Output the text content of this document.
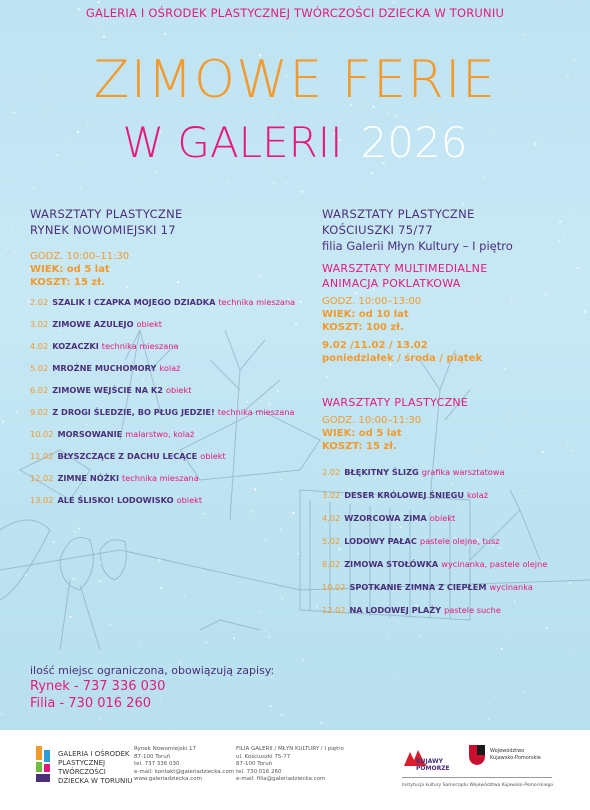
GALERIA I OŚRODEK PLASTYCZNEJ TWÓRCZOŚCI DZIECKA W TORUNIU
ZIMOWE FERIE
W GALERII 2026
WARSZTATY PLASTYCZNE
RYNEK NOWOMIEJSKI 17
GODZ. 10:00–11:30
WIEK: od 5 lat
KOSZT: 15 zł.
2.02 SZALIK I CZAPKA MOJEGO DZIADKA technika mieszana
3.02 ZIMOWE AZULEJO obiekt
4.02 KOZACZKI technika mieszana
5.02 MROŹNE MUCHOMORY kolaż
6.02 ZIMOWE WEJŚCIE NA K2 obiekt
9.02 Z DROGI ŚLEDZIE, BO PŁUG JEDZIE! technika mieszana
10.02 MORSOWANIE malarstwo, kolaż
11.02 BŁYSZCZĄCE Z DACHU LECĄCE obiekt
12.02 ZIMNE NÓŻKI technika mieszana
13.02 ALE ŚLISKO! LODOWISKO obiekt
WARSZTATY PLASTYCZNE
KOŚCIUSZKI 75/77
filia Galerii Młyn Kultury – I piętro
WARSZTATY MULTIMEDIALNE
ANIMACJA POKLATKOWA
GODZ. 10:00–13:00
WIEK: od 10 lat
KOSZT: 100 zł.
9.02 /11.02 / 13.02
poniedziałek / środa / piątek
WARSZTATY PLASTYCZNE
GODZ. 10:00–11:30
WIEK: od 5 lat
KOSZT: 15 zł.
2.02 BŁĘKITNY ŚLIZG grafika warsztatowa
3.02 DESER KRÓLOWEJ ŚNIEGU kolaż
4.02 WZORCOWA ZIMA obiekt
5.02 LODOWY PAŁAC pastele olejne, tusz
6.02 ZIMOWA STOŁÓWKA wycinanka, pastele olejne
10.02 SPOTKANIE ZIMNA Z CIEPŁEM wycinanka
12.02 NA LODOWEJ PLAŻY pastele suche
ilość miejsc ograniczona, obowiązują zapisy:
Rynek - 737 336 030
Filia - 730 016 260
GALERIA I OŚRODEK
PLASTYCZNEJ
TWÓRCZOŚCI
DZIECKA W TORUNIU
Rynek Nowomiejski 17
87-100 Toruń
tel. 737 336 030
e-mail: kontakt@galeriadziecka.com
www.galeriadziecka.com
FILIA GALERII / MŁYN KULTURY / I piętro
ul. Kościuszki 75-77
87-100 Toruń
tel. 730 016 260
e-mail: filia@galeriadziecka.com
KUJAWY
POMORZE
Województwo
Kujawsko-Pomorskie
Instytucja kultury Samorządu Województwa Kujawsko-Pomorskiego
